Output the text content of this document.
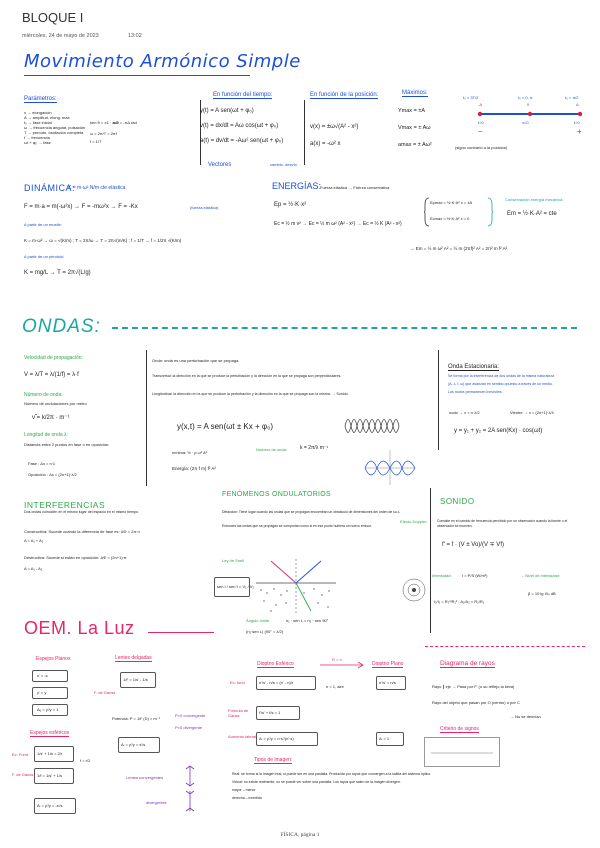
BLOQUE I
miércoles, 24 de mayo de 2023	13:02
Movimiento Armónico Simple
Parámetros:
x → elongación
A → amplitud, elong. max
t₀ → fase inicial
ω → frecuencia angular, pulsación
T → período, oscilación completa
f → frecuencia
ωt + φ₀ → fase
sen θ = ±1 · π/2
-ωθ = -πΔ rad
ω = 2π/T = 2πf
f = 1/T
En función del tiempo:
y(t) = A sen(ωt + φ₀)
v(t) = dx/dt = Aω cos(ωt + φ₀)
a(t) = dv/dt = -Aω² sen(ωt + φ₀)
Vectores	cambio, desvío
En función de la posición:
v(x) = ±ω√(A² - x²)
a(x) = -ω² x
Máximos:
Ymax = ±A
Vmax = ± Aω
amax = ± Aω²	(signo contrario a la posición)
t₀ = 3T/2	t₀ = 0, π	t₀ = π/2
-A	0	A
t=0	x=0	t=0
−	+
DINÁMICA:
K = m·ω² N/m cte elástica
F = m·a = m(-ω²x) → F = -mω²x → F = -Kx	(fuerza elástica)
A partir de un muelle:
K = m·ω² → ω = √(K/m) ; T = 2π/ω → T = 2π√(m/K) ; f = 1/T → f = 1/2π √(K/m)
A partir de un péndulo:
K = mg/L → T = 2π√(L/g)
ENERGÍAS:
Fuerza elástica → Fuerza conservativa
Ep = ½·K·x²
Ec = ½ m v² → Ec = ½ m ω² (A² - x²) → Ec = ½ K (A² - x²)
Epmax = ½·K·A² x = ±A
Ecmax = ½·K·A² x = 0
Conservación energía mecánica:
Em = ½·K·A² = cte
→ Em = ½ m ω² A² = ½ m (2πf)² A² = 2π² m f² A²
ONDAS:
Velocidad de propagación:
V = λ/T = λ/(1/f) = λ·f
Número de onda:
Número de ondulaciones por metro
ν̃ = k/2π · m⁻¹
Longitud de onda λ:
Distancia entre 2 puntos en fase o en oposición:
Fase : Δx = n·λ
Oposición : Δx = (2n+1)·λ/2
Onda: onda es una perturbación que se propaga.
Transversal: la dirección en la que se produce la perturbación y la dirección en la que se propaga son perpendiculares.
Longitudinal: la dirección en la que se produce la perturbación y la dirección en la que se propaga son la misma. → Sonido.
y(x,t) = A sen(ωt ± Kx + φ₀)
Número de onda:	k = 2π/λ m⁻¹
mínima: ½ · ρ ω² A²
Energía: (2π f m) f² A²
Onda Estacionaria:
Se forma por la interferencia de dos ondas de la misma naturaleza
(A, λ, f, ω) que avanzan en sentido opuesto a través de un medio.
Los nodos permanecen inmóviles.
nodo → x = n·λ/2	Vientre → x = (2n+1)·λ/4
y = y₁ + y₂ = 2A sen(Kx) · cos(ωt)
INTERFERENCIAS
Dos ondas coinciden en el mismo lugar del espacio en el mismo tiempo.
Constructiva: Sucede cuando la diferencia de fase es: ΔΦ = 2π·n
A = A₁ + A₂
Destructiva: Sucede si están en oposición: ΔΦ = (2n+1)·π
A = A₁ - A₂
FENÓMENOS ONDULATORIOS
Difracción: Tiene lugar cuando las ondas que se propagan encuentran un obstáculo de dimensiones del orden de su λ.
Entonces las ondas que se propagan se comportan como si en ese punto hubiera un nuevo emisor.
Ley de Snell
sen î / sen r̂ = V₁ / V₂
Ángulo límite	n₁ · sen L = n₂ · sen 90°
(n₁·sen L) (90° = λ/2)
SONIDO
Efecto Doppler:	Consiste en el cambio de frecuencia percibido por un observador cuando la fuente o el observador se mueven.
f' = f · (V ± Vo)/(V ∓ Vf)
Intensidad:	I = P/S (W/m²)	→ Nivel de intensidad:
β = 10 lg I/I₀ dB
I₁/I₂ = R₂²/R₁² ; A₁/A₂ = R₂/R₁
OEM. La Luz
Espejos Planos
s' = -s
y' = y
Aᵤ = y'/y = 1
Lentes delgadas
1/f' = 1/s' - 1/s
F. de Gauss
Potencia: P = 1/f' (D) = m⁻¹
P>0 convergente
P<0 divergente
Aₗ = y'/y = s'/s
Espejos esféricos
Ec. Fund.	1/s' + 1/s = 2/r
f = r/2
F. de Gauss 1/f = 1/s' + 1/s
Aₗ = y'/y = -s'/s
Lentes convergentes
divergentes
Dioptrio Esférico
R = ∞
Dioptrio Plano
Ec. fund.	n'/s' - n/s = (n' - n)/r
n = 1, aire
n'/s' = n/s
Fórmula de Gauss
f'/s' + f/s = 1
Aumento lateral Aₗ = y'/y = n·s'/(n'·s)	Aₗ = 1
Diagrama de rayos
Rayo ∥ eje → Pasa por F' (o su reflejo la lleva)
Rayo del objeto que pasan por O (centro) o por C
→ No se desvían
Criterio de signos
Tipos de imagen:
Real: se forma si la imagen real, si puede ser en una pantalla. Producida por rayos que convergen a la salida del sistema óptico.
Virtual: no existe realmente, no se puede ver sobre una pantalla. Los rayos que salen de la imagen divergen.
mayor – menor
derecha – invertida
FÍSICA, página 1
